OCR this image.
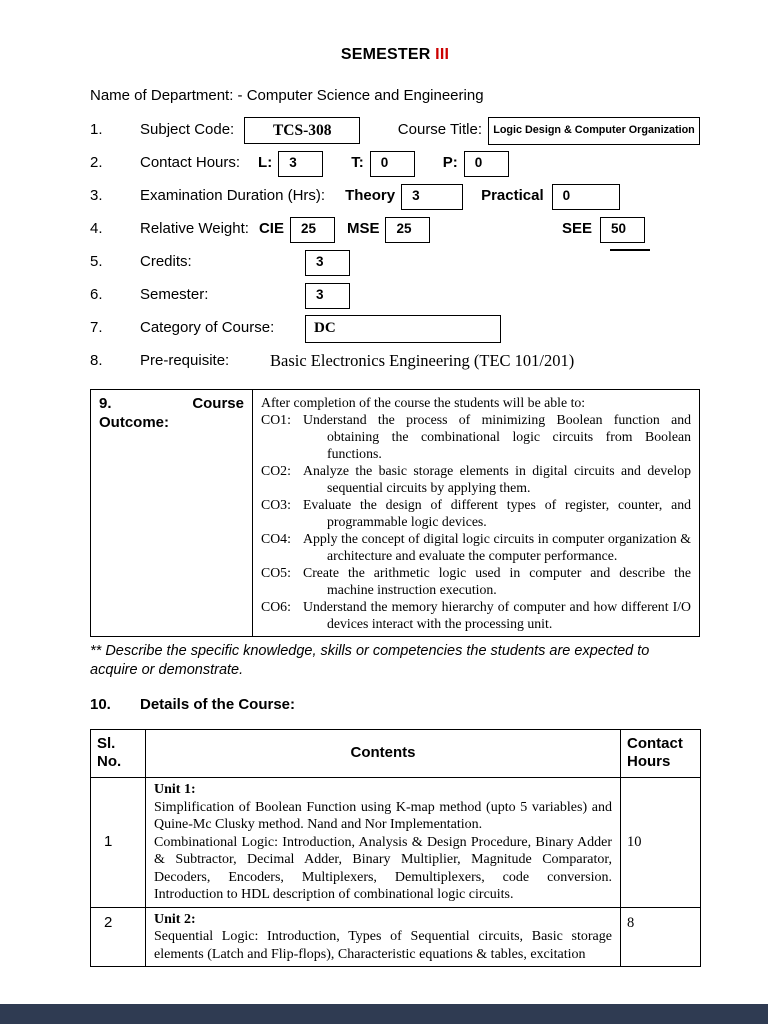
SEMESTER III
Name of Department: - Computer Science and Engineering
1.	Subject Code: TCS-308	Course Title: Logic Design & Computer Organization
2.	Contact Hours: L: 3	T: 0	P: 0
3.	Examination Duration (Hrs): Theory 3	Practical 0
4.	Relative Weight: CIE 25 MSE 25	SEE 50
5.	Credits:	3
6.	Semester:	3
7.	Category of Course:	DC
8.	Pre-requisite:	Basic Electronics Engineering (TEC 101/201)
9.	Course
Outcome:

After completion of the course the students will be able to:
CO1: Understand the process of minimizing Boolean function and obtaining the combinational logic circuits from Boolean functions.
CO2: Analyze the basic storage elements in digital circuits and develop sequential circuits by applying them.
CO3: Evaluate the design of different types of register, counter, and programmable logic devices.
CO4: Apply the concept of digital logic circuits in computer organization & architecture and evaluate the computer performance.
CO5: Create the arithmetic logic used in computer and describe the machine instruction execution.
CO6: Understand the memory hierarchy of computer and how different I/O devices interact with the processing unit.
** Describe the specific knowledge, skills or competencies the students are expected to acquire or demonstrate.
10.	Details of the Course:
Sl. No.	Contents	Contact Hours
1	Unit 1:
Simplification of Boolean Function using K-map method (upto 5 variables) and Quine-Mc Clusky method. Nand and Nor Implementation.
Combinational Logic: Introduction, Analysis & Design Procedure, Binary Adder & Subtractor, Decimal Adder, Binary Multiplier, Magnitude Comparator, Decoders, Encoders, Multiplexers, Demultiplexers, code conversion. Introduction to HDL description of combinational logic circuits.	10
2	Unit 2:
Sequential Logic: Introduction, Types of Sequential circuits, Basic storage elements (Latch and Flip-flops), Characteristic equations & tables, excitation	8
